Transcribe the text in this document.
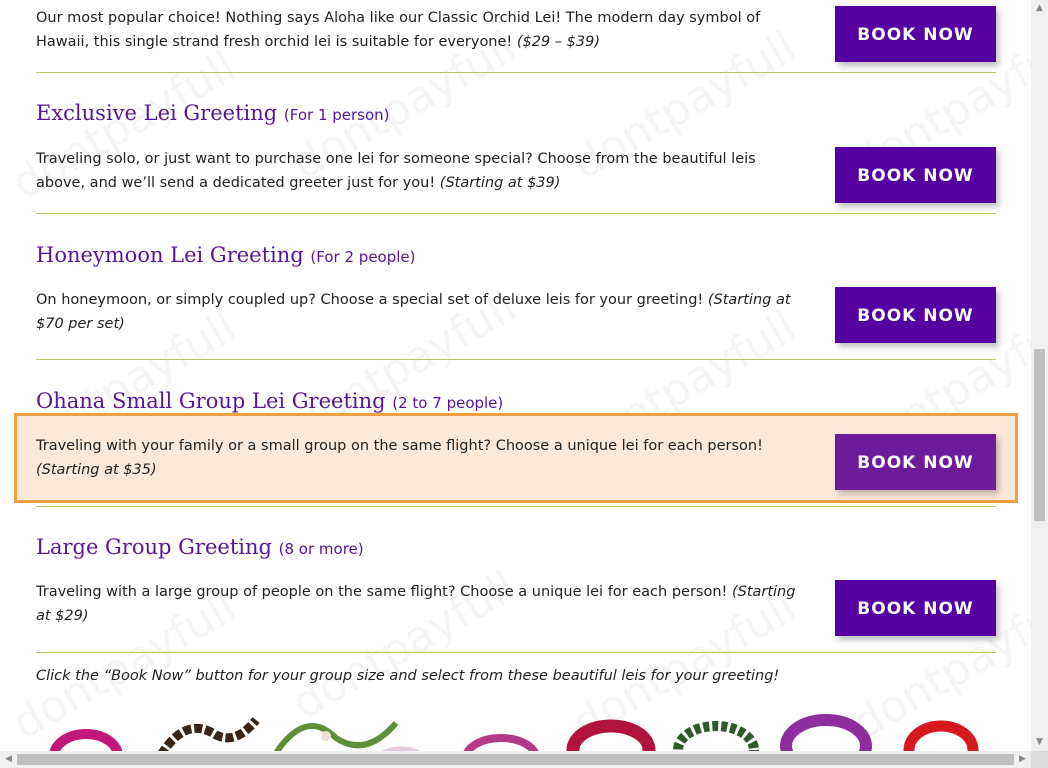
Our most popular choice! Nothing says Aloha like our Classic Orchid Lei! The modern day symbol of
Hawaii, this single strand fresh orchid lei is suitable for everyone! ($29 – $39)	BOOK NOW
Exclusive Lei Greeting (For 1 person)
Traveling solo, or just want to purchase one lei for someone special? Choose from the beautiful leis
above, and we’ll send a dedicated greeter just for you! (Starting at $39)	BOOK NOW
Honeymoon Lei Greeting (For 2 people)
On honeymoon, or simply coupled up? Choose a special set of deluxe leis for your greeting! (Starting at
$70 per set)	BOOK NOW
Ohana Small Group Lei Greeting (2 to 7 people)
Traveling with your family or a small group on the same flight? Choose a unique lei for each person!
(Starting at $35)	BOOK NOW
Large Group Greeting (8 or more)
Traveling with a large group of people on the same flight? Choose a unique lei for each person! (Starting
at $29)	BOOK NOW
Click the “Book Now” button for your group size and select from these beautiful leis for your greeting!
▲
▼
◀	▶
